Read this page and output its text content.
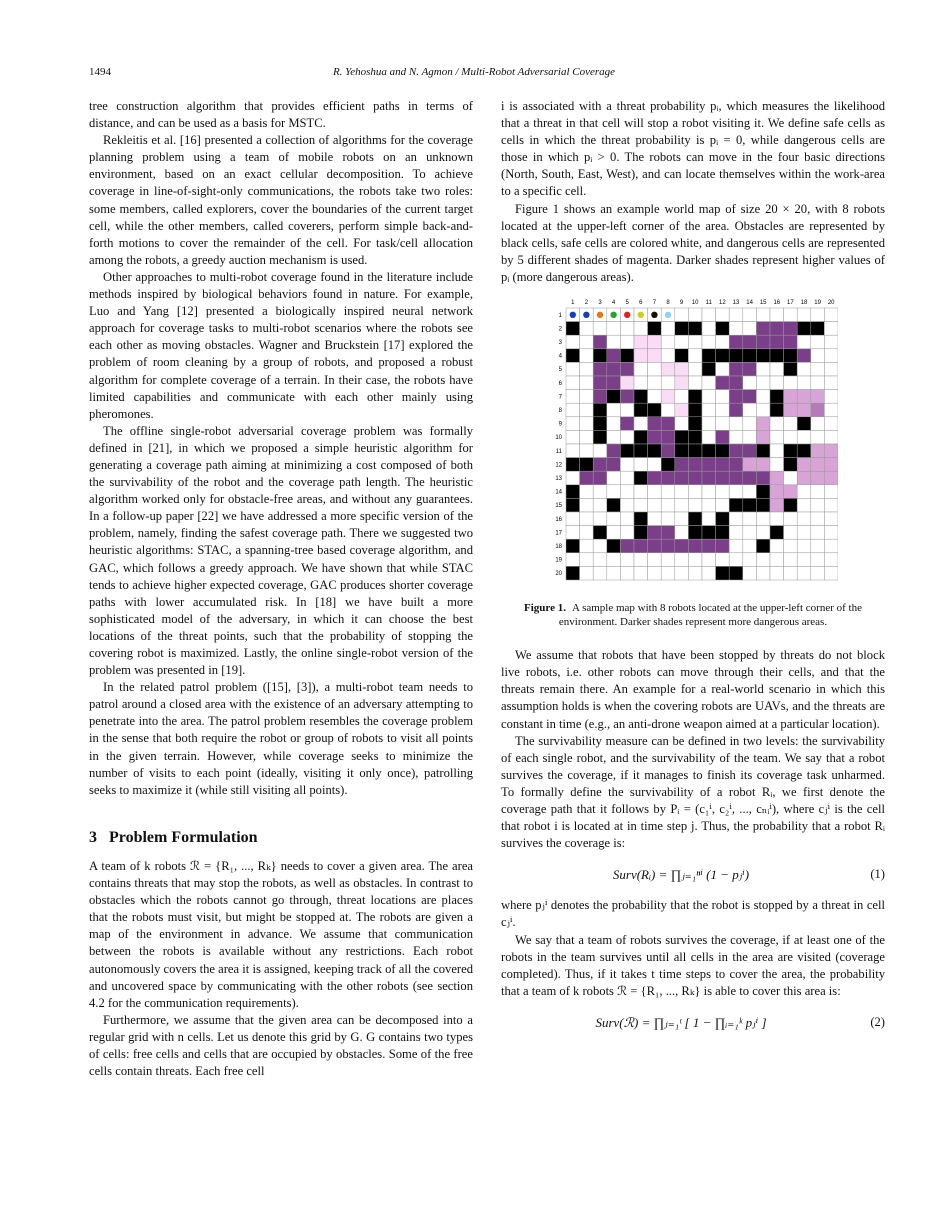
1494	R. Yehoshua and N. Agmon / Multi-Robot Adversarial Coverage

tree construction algorithm that provides efficient paths in terms of distance, and can be used as a basis for MSTC.

Rekleitis et al. [16] presented a collection of algorithms for the coverage planning problem using a team of mobile robots on an unknown environment, based on an exact cellular decomposition. To achieve coverage in line-of-sight-only communications, the robots take two roles: some members, called explorers, cover the boundaries of the current target cell, while the other members, called coverers, perform simple back-and-forth motions to cover the remainder of the cell. For task/cell allocation among the robots, a greedy auction mechanism is used.

Other approaches to multi-robot coverage found in the literature include methods inspired by biological behaviors found in nature. For example, Luo and Yang [12] presented a biologically inspired neural network approach for coverage tasks to multi-robot scenarios where the robots see each other as moving obstacles. Wagner and Bruckstein [17] explored the problem of room cleaning by a group of robots, and proposed a robust algorithm for complete coverage of a terrain. In their case, the robots have limited capabilities and communicate with each other mainly using pheromones.

The offline single-robot adversarial coverage problem was formally defined in [21], in which we proposed a simple heuristic algorithm for generating a coverage path aiming at minimizing a cost composed of both the survivability of the robot and the coverage path length. The heuristic algorithm worked only for obstacle-free areas, and without any guarantees. In a follow-up paper [22] we have addressed a more specific version of the problem, namely, finding the safest coverage path. There we suggested two heuristic algorithms: STAC, a spanning-tree based coverage algorithm, and GAC, which follows a greedy approach. We have shown that while STAC tends to achieve higher expected coverage, GAC produces shorter coverage paths with lower accumulated risk. In [18] we have built a more sophisticated model of the adversary, in which it can choose the best locations of the threat points, such that the probability of stopping the covering robot is maximized. Lastly, the online single-robot version of the problem was presented in [19].

In the related patrol problem ([15], [3]), a multi-robot team needs to patrol around a closed area with the existence of an adversary attempting to penetrate into the area. The patrol problem resembles the coverage problem in the sense that both require the robot or group of robots to visit all points in the given terrain. However, while coverage seeks to minimize the number of visits to each point (ideally, visiting it only once), patrolling seeks to maximize it (while still visiting all points).

3 Problem Formulation

A team of k robots ℛ = {R₁, ..., Rₖ} needs to cover a given area. The area contains threats that may stop the robots, as well as obstacles. In contrast to obstacles which the robots cannot go through, threat locations are places that the robots must visit, but might be stopped at. The robots are given a map of the environment in advance. We assume that communication between the robots is available without any restrictions. Each robot autonomously covers the area it is assigned, keeping track of all the covered and uncovered space by communicating with the other robots (see section 4.2 for the communication requirements).

Furthermore, we assume that the given area can be decomposed into a regular grid with n cells. Let us denote this grid by G. G contains two types of cells: free cells and cells that are occupied by obstacles. Some of the free cells contain threats. Each free cell

i is associated with a threat probability pᵢ, which measures the likelihood that a threat in that cell will stop a robot visiting it. We define safe cells as cells in which the threat probability is pᵢ = 0, while dangerous cells are those in which pᵢ > 0. The robots can move in the four basic directions (North, South, East, West), and can locate themselves within the work-area to a specific cell.

Figure 1 shows an example world map of size 20 × 20, with 8 robots located at the upper-left corner of the area. Obstacles are represented by black cells, safe cells are colored white, and dangerous cells are represented by 5 different shades of magenta. Darker shades represent higher values of pᵢ (more dangerous areas).

1 2 3 4 5 6 7 8 9 10 11 12 13 14 15 16 17 18 19 20
1
2
3
4
5
6
7
8
9
10
11
12
13
14
15
16
17
18
19
20
Figure 1. A sample map with 8 robots located at the upper-left corner of the environment. Darker shades represent more dangerous areas.

We assume that robots that have been stopped by threats do not block live robots, i.e. other robots can move through their cells, and that the threats remain there. An example for a real-world scenario in which this assumption holds is when the covering robots are UAVs, and the threats are constant in time (e.g., an anti-drone weapon aimed at a particular location).

The survivability measure can be defined in two levels: the survivability of each single robot, and the survivability of the team. We say that a robot survives the coverage, if it manages to finish its coverage task unharmed. To formally define the survivability of a robot Rᵢ, we first denote the coverage path that it follows by Pᵢ = (c₁ⁱ, c₂ⁱ, ..., cₙᵢⁱ), where cⱼⁱ is the cell that robot i is located at in time step j. Thus, the probability that a robot Rᵢ survives the coverage is:

Surv(Rᵢ) = ∏ⱼ₌₁ⁿⁱ (1 − pⱼⁱ)	(1)

where pⱼⁱ denotes the probability that the robot is stopped by a threat in cell cⱼⁱ.

We say that a team of robots survives the coverage, if at least one of the robots in the team survives until all cells in the area are visited (coverage completed). Thus, if it takes t time steps to cover the area, the probability that a team of k robots ℛ = {R₁, ..., Rₖ} is able to cover this area is:

Surv(ℛ) = ∏ⱼ₌₁ᵗ [ 1 − ∏ᵢ₌₁ᵏ pⱼⁱ ]	(2)
